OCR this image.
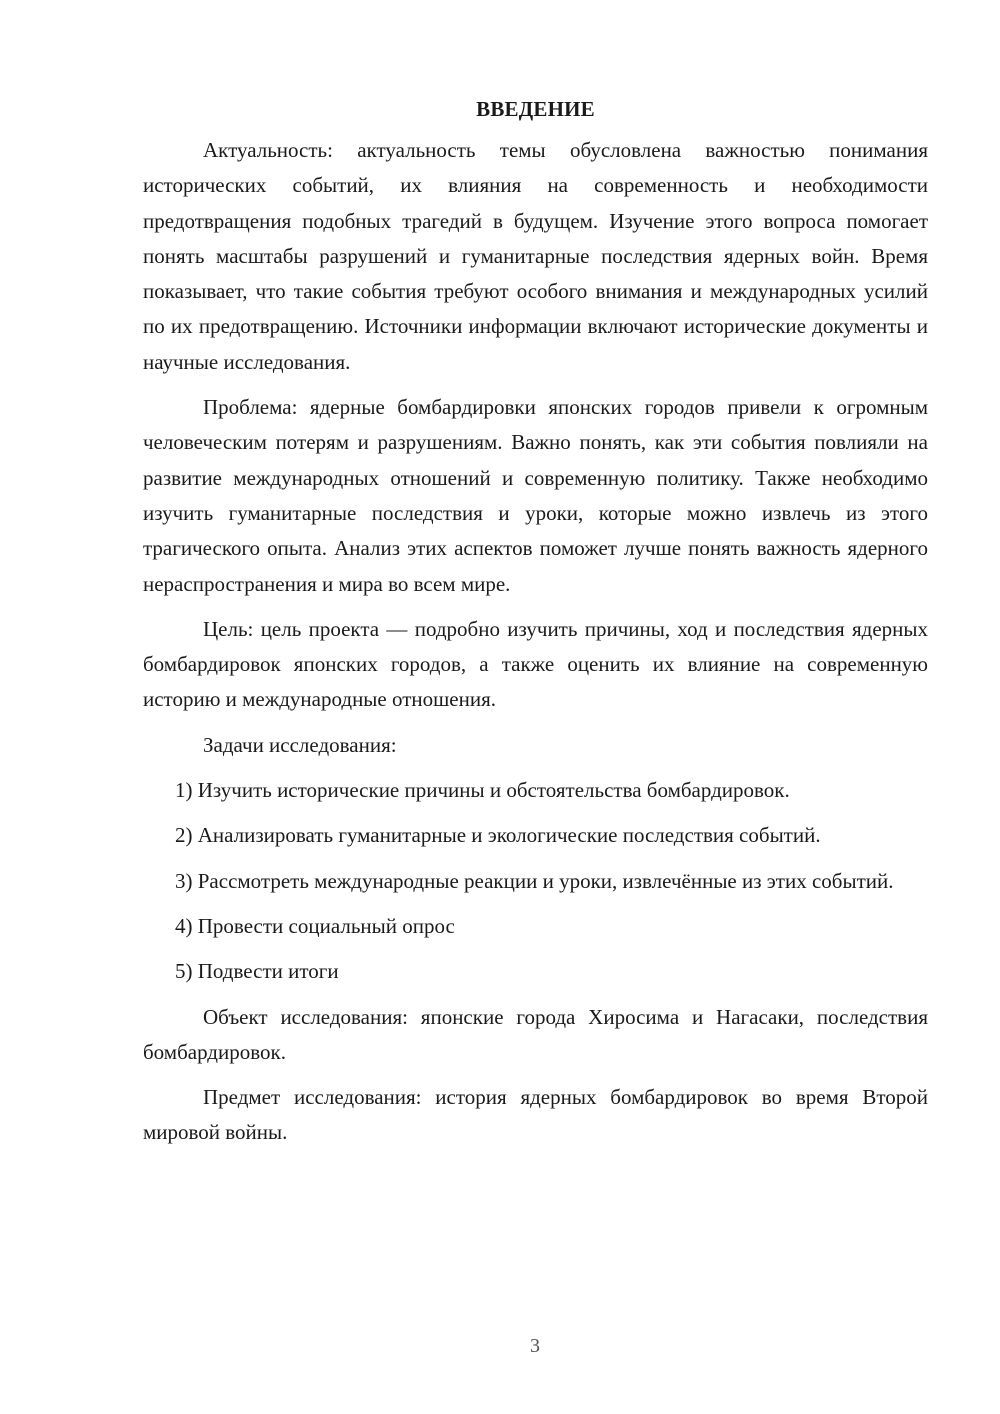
ВВЕДЕНИЕ

Актуальность: актуальность темы обусловлена важностью понимания исторических событий, их влияния на современность и необходимости предотвращения подобных трагедий в будущем. Изучение этого вопроса помогает понять масштабы разрушений и гуманитарные последствия ядерных войн. Время показывает, что такие события требуют особого внимания и международных усилий по их предотвращению. Источники информации включают исторические документы и научные исследования.

Проблема: ядерные бомбардировки японских городов привели к огромным человеческим потерям и разрушениям. Важно понять, как эти события повлияли на развитие международных отношений и современную политику. Также необходимо изучить гуманитарные последствия и уроки, которые можно извлечь из этого трагического опыта. Анализ этих аспектов поможет лучше понять важность ядерного нераспространения и мира во всем мире.

Цель: цель проекта — подробно изучить причины, ход и последствия ядерных бомбардировок японских городов, а также оценить их влияние на современную историю и международные отношения.

Задачи исследования:

1) Изучить исторические причины и обстоятельства бомбардировок.

2) Анализировать гуманитарные и экологические последствия событий.

3) Рассмотреть международные реакции и уроки, извлечённые из этих событий.

4) Провести социальный опрос

5) Подвести итоги

Объект исследования: японские города Хиросима и Нагасаки, последствия бомбардировок.

Предмет исследования: история ядерных бомбардировок во время Второй мировой войны.

3
